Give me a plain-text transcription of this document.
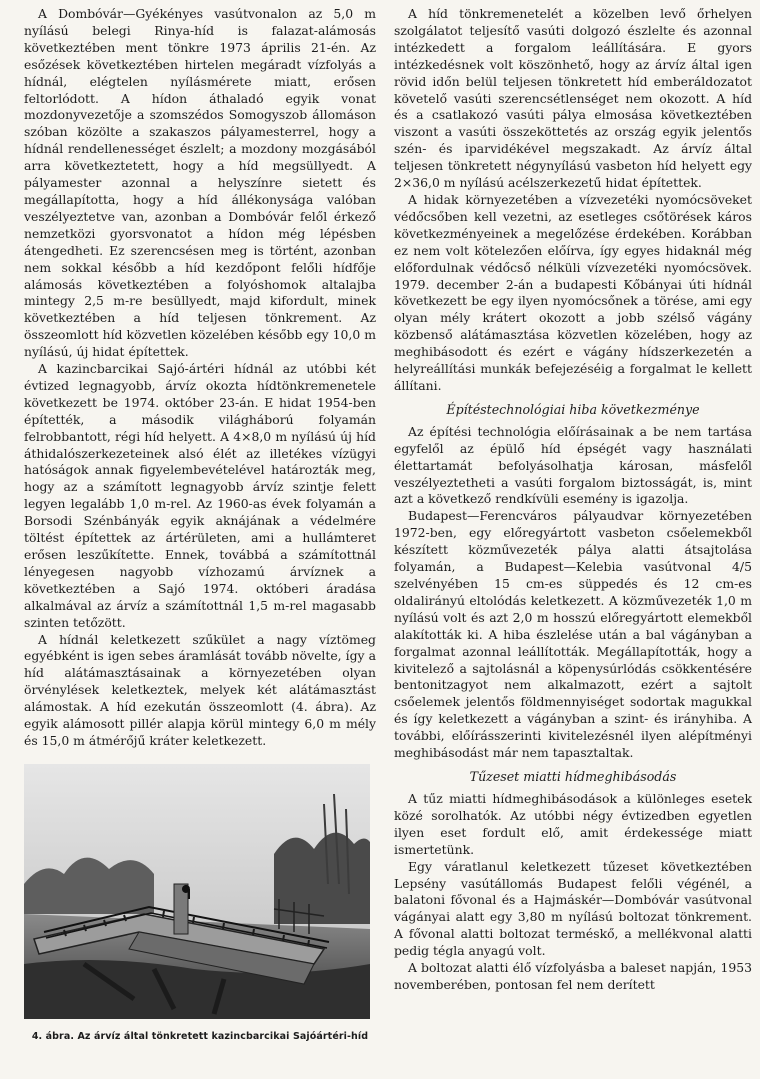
A Dombóvár—Gyékényes vasútvonalon az 5,0 m nyílású belegi Rinya-híd is falazat-alámosás következtében ment tönkre 1973 április 21-én. Az esőzések következtében hirtelen megáradt vízfolyás a hídnál, elégtelen nyílásméretе miatt, erősen feltorlódott. A hídon áthaladó egyik vonat mozdonyvezetője a szomszédos Somogyszob állomáson szóban közölte a szakaszos pályamesterrel, hogy a hídnál rendellenességet észlelt; a mozdony mozgásából arra következtetett, hogy a híd megsüllyedt. A pályamester azonnal a helyszínre sietett és megállapította, hogy a híd állékonysága valóban veszélyeztetve van, azonban a Dombóvár felől érkező nemzetközi gyorsvonatot a hídon még lépésben átengedheti. Ez szerencsésen meg is történt, azonban nem sokkal később a híd kezdőpont felőli hídfője alámosás következtében a folyóshomok altalajba mintegy 2,5 m-re besüllyedt, majd kifordult, minek következtében a híd teljesen tönkrement. Az összeomlott híd közvetlen közelében később egy 10,0 m nyílású, új hidat építettek.

A kazincbarcikai Sajó-ártéri hídnál az utóbbi két évtized legnagyobb, árvíz okozta hídtönkremenetele következett be 1974. október 23-án. E hidat 1954-ben építették, a második világháború folyamán felrobbantott, régi híd helyett. A 4×8,0 m nyílású új híd áthidalószerkezeteinek alsó élét az illetékes vízügyi hatóságok annak figyelembevételével határozták meg, hogy az a számított legnagyobb árvíz szintje felett legyen legalább 1,0 m-rel. Az 1960-as évek folyamán a Borsodi Szénbányák egyik aknájának a védelmére töltést építettek az ártérületen, ami a hullámteret erősen leszűkítette. Ennek, továbbá a számítottnál lényegesen nagyobb vízhozamú árvíznek a következtében a Sajó 1974. októberi áradása alkalmával az árvíz a számítottnál 1,5 m-rel magasabb szinten tetőzött.

A hídnál keletkezett szűkület a nagy víztömeg egyébként is igen sebes áramlását tovább növelte, így a híd alátámasztásainak a környezetében olyan örvénylések keletkeztek, melyek két alátámasztást alámostak. A híd ezekután összeomlott (4. ábra). Az egyik alámosott pillér alapja körül mintegy 6,0 m mély és 15,0 m átmérőjű kráter keletkezett.

4. ábra. Az árvíz által tönkretett kazincbarcikai Sajóártéri-híd

A híd tönkremenetelét a közelben levő őrhelyen szolgálatot teljesítő vasúti dolgozó észlelte és azonnal intézkedett a forgalom leállítására. E gyors intézkedésnek volt köszönhető, hogy az árvíz által igen rövid időn belül teljesen tönkretett híd emberáldozatot követelő vasúti szerencsétlenséget nem okozott. A híd és a csatlakozó vasúti pálya elmosása következtében viszont a vasúti összeköttetés az ország egyik jelentős szén- és iparvidékével megszakadt. Az árvíz által teljesen tönkretett négynyílású vasbeton híd helyett egy 2×36,0 m nyílású acélszerkezetű hidat építettek.

A hidak környezetében a vízvezetéki nyomócsöveket védőcsőben kell vezetni, az esetleges csőtörések káros következményeinek a megelőzése érdekében. Korábban ez nem volt kötelezően előírva, így egyes hidaknál még előfordulnak védőcső nélküli vízvezetéki nyomócsövek. 1979. december 2-án a budapesti Kőbányai úti hídnál következett be egy ilyen nyomócsőnek a törése, ami egy olyan mély krátert okozott a jobb szélső vágány közbenső alátámasztása közvetlen közelében, hogy az meghibásodott és ezért e vágány hídszerkezetén a helyreállítási munkák befejezéséig a forgalmat le kellett állítani.

Építéstechnológiai hiba következménye

Az építési technológia előírásainak a be nem tartása egyfelől az épülő híd épségét vagy használati élettartamát befolyásolhatja károsan, másfelől veszélyeztetheti a vasúti forgalom biztosságát, is, mint azt a következő rendkívüli esemény is igazolja.

Budapest—Ferencváros pályaudvar környezetében 1972-ben, egy előregyártott vasbeton csőelemekből készített közművezeték pálya alatti átsajtolása folyamán, a Budapest—Kelebia vasútvonal 4/5 szelvényében 15 cm-es süppedés és 12 cm-es oldalirányú eltolódás keletkezett. A közművezeték 1,0 m nyílású volt és azt 2,0 m hosszú előregyártott elemekből alakították ki. A hiba észlelése után a bal vágányban a forgalmat azonnal leállították. Megállapították, hogy a kivitelező a sajtolásnál a köpenysúrlódás csökkentésére bentonitzagyot nem alkalmazott, ezért a sajtolt csőelemek jelentős földmennyiséget sodortak magukkal és így keletkezett a vágányban a szint- és irányhiba. A további, előírásszerinti kivitelezésnél ilyen alépítményi meghibásodást már nem tapasztaltak.

Tűzeset miatti hídmeghibásodás

A tűz miatti hídmeghibásodások a különleges esetek közé sorolhatók. Az utóbbi négy évtizedben egyetlen ilyen eset fordult elő, amit érdekessége miatt ismertetünk.

Egy váratlanul keletkezett tűzeset következtében Lepsény vasútállomás Budapest felőli végénél, a balatoni fővonal és a Hajmáskér—Dombóvár vasútvonal vágányai alatt egy 3,80 m nyílású boltozat tönkrement. A fővonal alatti boltozat terméskő, a mellékvonal alatti pedig tégla anyagú volt.

A boltozat alatti élő vízfolyásba a baleset napján, 1953 novemberében, pontosan fel nem derített
